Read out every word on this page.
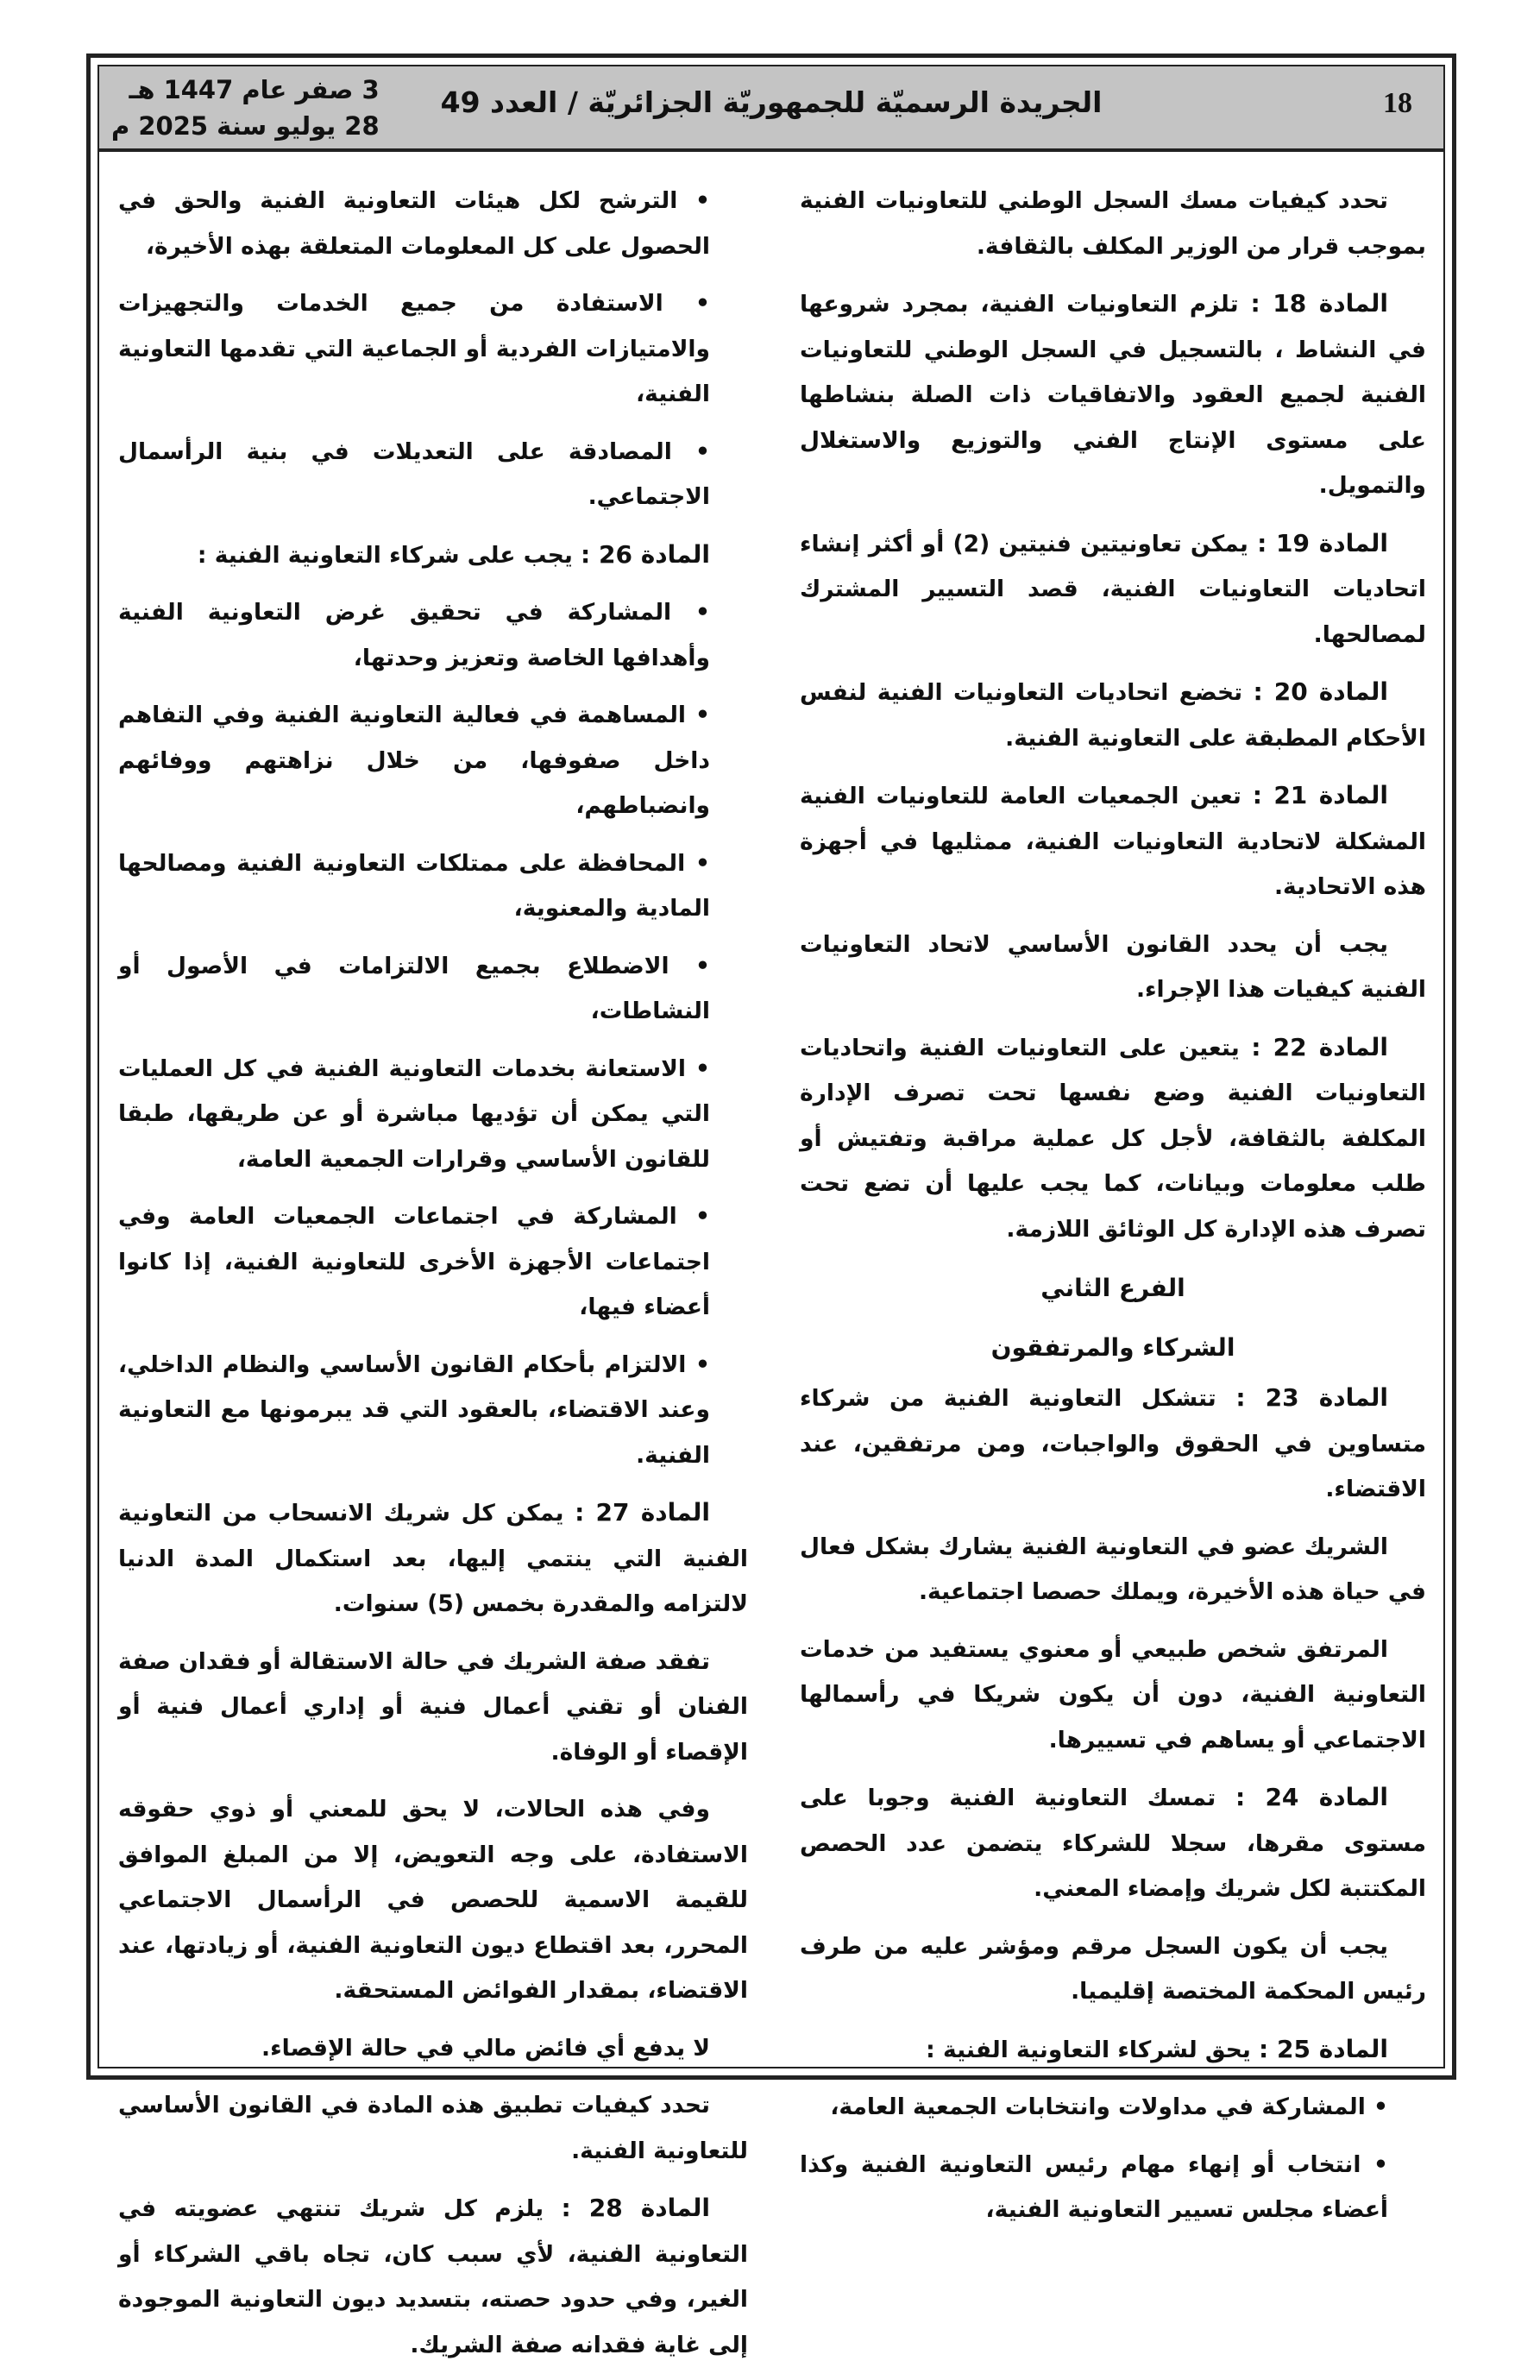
18
الجريدة الرسميّة للجمهوريّة الجزائريّة / العدد 49
3 صفر عام 1447 هـ
28 يوليو سنة 2025 م

تحدد كيفيات مسك السجل الوطني للتعاونيات الفنية بموجب قرار من الوزير المكلف بالثقافة.

المادة 18 : تلزم التعاونيات الفنية، بمجرد شروعها في النشاط ، بالتسجيل في السجل الوطني للتعاونيات الفنية لجميع العقود والاتفاقيات ذات الصلة بنشاطها على مستوى الإنتاج الفني والتوزيع والاستغلال والتمويل.

المادة 19 : يمكن تعاونيتين فنيتين (2) أو أكثر إنشاء اتحاديات التعاونيات الفنية، قصد التسيير المشترك لمصالحها.

المادة 20 : تخضع اتحاديات التعاونيات الفنية لنفس الأحكام المطبقة على التعاونية الفنية.

المادة 21 : تعين الجمعيات العامة للتعاونيات الفنية المشكلة لاتحادية التعاونيات الفنية، ممثليها في أجهزة هذه الاتحادية.

يجب أن يحدد القانون الأساسي لاتحاد التعاونيات الفنية كيفيات هذا الإجراء.

المادة 22 : يتعين على التعاونيات الفنية واتحاديات التعاونيات الفنية وضع نفسها تحت تصرف الإدارة المكلفة بالثقافة، لأجل كل عملية مراقبة وتفتيش أو طلب معلومات وبيانات، كما يجب عليها أن تضع تحت تصرف هذه الإدارة كل الوثائق اللازمة.

الفرع الثاني
الشركاء والمرتفقون

المادة 23 : تتشكل التعاونية الفنية من شركاء متساوين في الحقوق والواجبات، ومن مرتفقين، عند الاقتضاء.

الشريك عضو في التعاونية الفنية يشارك بشكل فعال في حياة هذه الأخيرة، ويملك حصصا اجتماعية.

المرتفق شخص طبيعي أو معنوي يستفيد من خدمات التعاونية الفنية، دون أن يكون شريكا في رأسمالها الاجتماعي أو يساهم في تسييرها.

المادة 24 : تمسك التعاونية الفنية وجوبا على مستوى مقرها، سجلا للشركاء يتضمن عدد الحصص المكتتبة لكل شريك وإمضاء المعني.

يجب أن يكون السجل مرقم ومؤشر عليه من طرف رئيس المحكمة المختصة إقليميا.

المادة 25 : يحق لشركاء التعاونية الفنية :

• المشاركة في مداولات وانتخابات الجمعية العامة،

• انتخاب أو إنهاء مهام رئيس التعاونية الفنية وكذا أعضاء مجلس تسيير التعاونية الفنية،

• الترشح لكل هيئات التعاونية الفنية والحق في الحصول على كل المعلومات المتعلقة بهذه الأخيرة،

• الاستفادة من جميع الخدمات والتجهيزات والامتيازات الفردية أو الجماعية التي تقدمها التعاونية الفنية،

• المصادقة على التعديلات في بنية الرأسمال الاجتماعي.

المادة 26 : يجب على شركاء التعاونية الفنية :

• المشاركة في تحقيق غرض التعاونية الفنية وأهدافها الخاصة وتعزيز وحدتها،

• المساهمة في فعالية التعاونية الفنية وفي التفاهم داخل صفوفها، من خلال نزاهتهم ووفائهم وانضباطهم،

• المحافظة على ممتلكات التعاونية الفنية ومصالحها المادية والمعنوية،

• الاضطلاع بجميع الالتزامات في الأصول أو النشاطات،

• الاستعانة بخدمات التعاونية الفنية في كل العمليات التي يمكن أن تؤديها مباشرة أو عن طريقها، طبقا للقانون الأساسي وقرارات الجمعية العامة،

• المشاركة في اجتماعات الجمعيات العامة وفي اجتماعات الأجهزة الأخرى للتعاونية الفنية، إذا كانوا أعضاء فيها،

• الالتزام بأحكام القانون الأساسي والنظام الداخلي، وعند الاقتضاء، بالعقود التي قد يبرمونها مع التعاونية الفنية.

المادة 27 : يمكن كل شريك الانسحاب من التعاونية الفنية التي ينتمي إليها، بعد استكمال المدة الدنيا لالتزامه والمقدرة بخمس (5) سنوات.

تفقد صفة الشريك في حالة الاستقالة أو فقدان صفة الفنان أو تقني أعمال فنية أو إداري أعمال فنية أو الإقصاء أو الوفاة.

وفي هذه الحالات، لا يحق للمعني أو ذوي حقوقه الاستفادة، على وجه التعويض، إلا من المبلغ الموافق للقيمة الاسمية للحصص في الرأسمال الاجتماعي المحرر، بعد اقتطاع ديون التعاونية الفنية، أو زيادتها، عند الاقتضاء، بمقدار الفوائض المستحقة.

لا يدفع أي فائض مالي في حالة الإقصاء.

تحدد كيفيات تطبيق هذه المادة في القانون الأساسي للتعاونية الفنية.

المادة 28 : يلزم كل شريك تنتهي عضويته في التعاونية الفنية، لأي سبب كان، تجاه باقي الشركاء أو الغير، وفي حدود حصته، بتسديد ديون التعاونية الموجودة إلى غاية فقدانه صفة الشريك.
